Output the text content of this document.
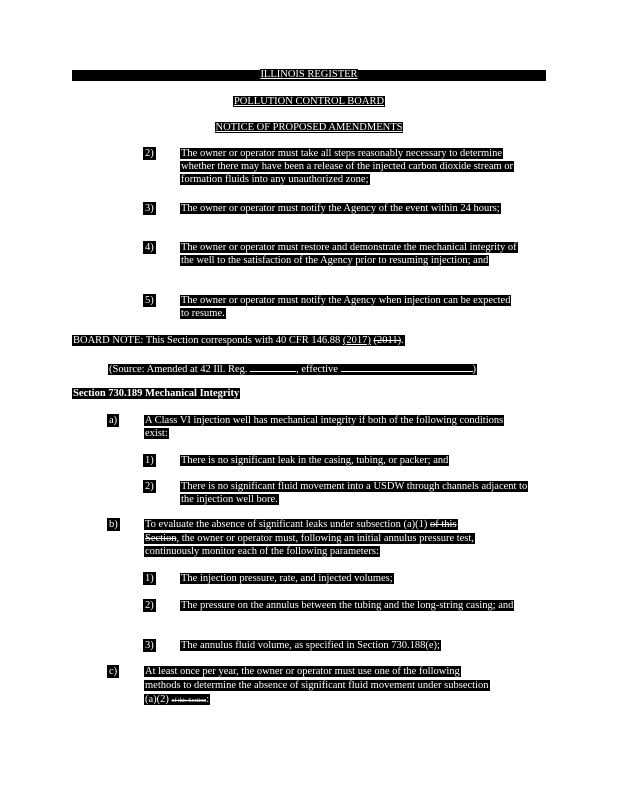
ILLINOIS REGISTER
POLLUTION CONTROL BOARD
NOTICE OF PROPOSED AMENDMENTS
2)	The owner or operator must take all steps reasonably necessary to determine whether there may have been a release of the injected carbon dioxide stream or formation fluids into any unauthorized zone;
3)	The owner or operator must notify the Agency of the event within 24 hours;
4)	The owner or operator must restore and demonstrate the mechanical integrity of the well to the satisfaction of the Agency prior to resuming injection; and
5)	The owner or operator must notify the Agency when injection can be expected to resume.
BOARD NOTE: This Section corresponds with 40 CFR 146.88 (2017) (2011).
(Source: Amended at 42 Ill. Reg.	, effective	)
Section 730.189 Mechanical Integrity
a)	A Class VI injection well has mechanical integrity if both of the following conditions exist:
1)	There is no significant leak in the casing, tubing, or packer; and
2)	There is no significant fluid movement into a USDW through channels adjacent to the injection well bore.
b)	To evaluate the absence of significant leaks under subsection (a)(1) of this
Section, the owner or operator must, following an initial annulus pressure test,
continuously monitor each of the following parameters:
1)	The injection pressure, rate, and injected volumes;
2)	The pressure on the annulus between the tubing and the long-string casing; and
3)	The annulus fluid volume, as specified in Section 730.188(e);
c)	At least once per year, the owner or operator must use one of the following
methods to determine the absence of significant fluid movement under subsection
(a)(2) of this Section:
